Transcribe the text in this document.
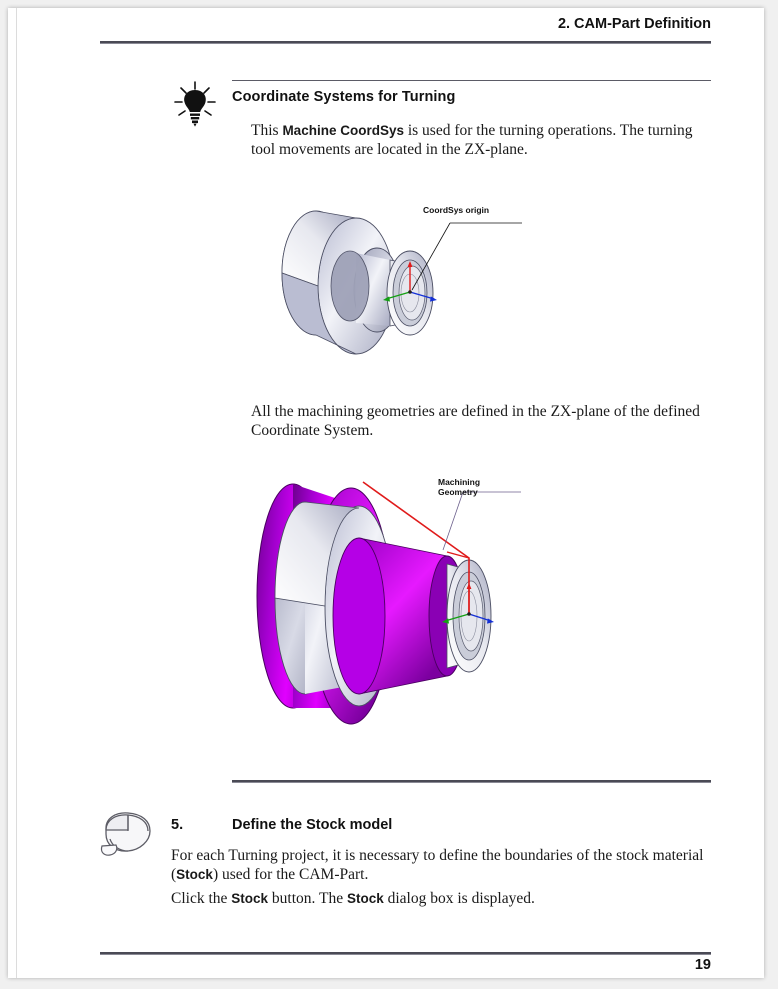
2. CAM-Part Definition
Coordinate Systems for Turning
This Machine CoordSys is used for the turning operations. The turning tool movements are located in the ZX-plane.
CoordSys origin
All the machining geometries are defined in the ZX-plane of the defined Coordinate System.
Machining
Geometry
5.	Define the Stock model
For each Turning project, it is necessary to define the boundaries of the stock material (Stock) used for the CAM-Part.
Click the Stock button. The Stock dialog box is displayed.
19
